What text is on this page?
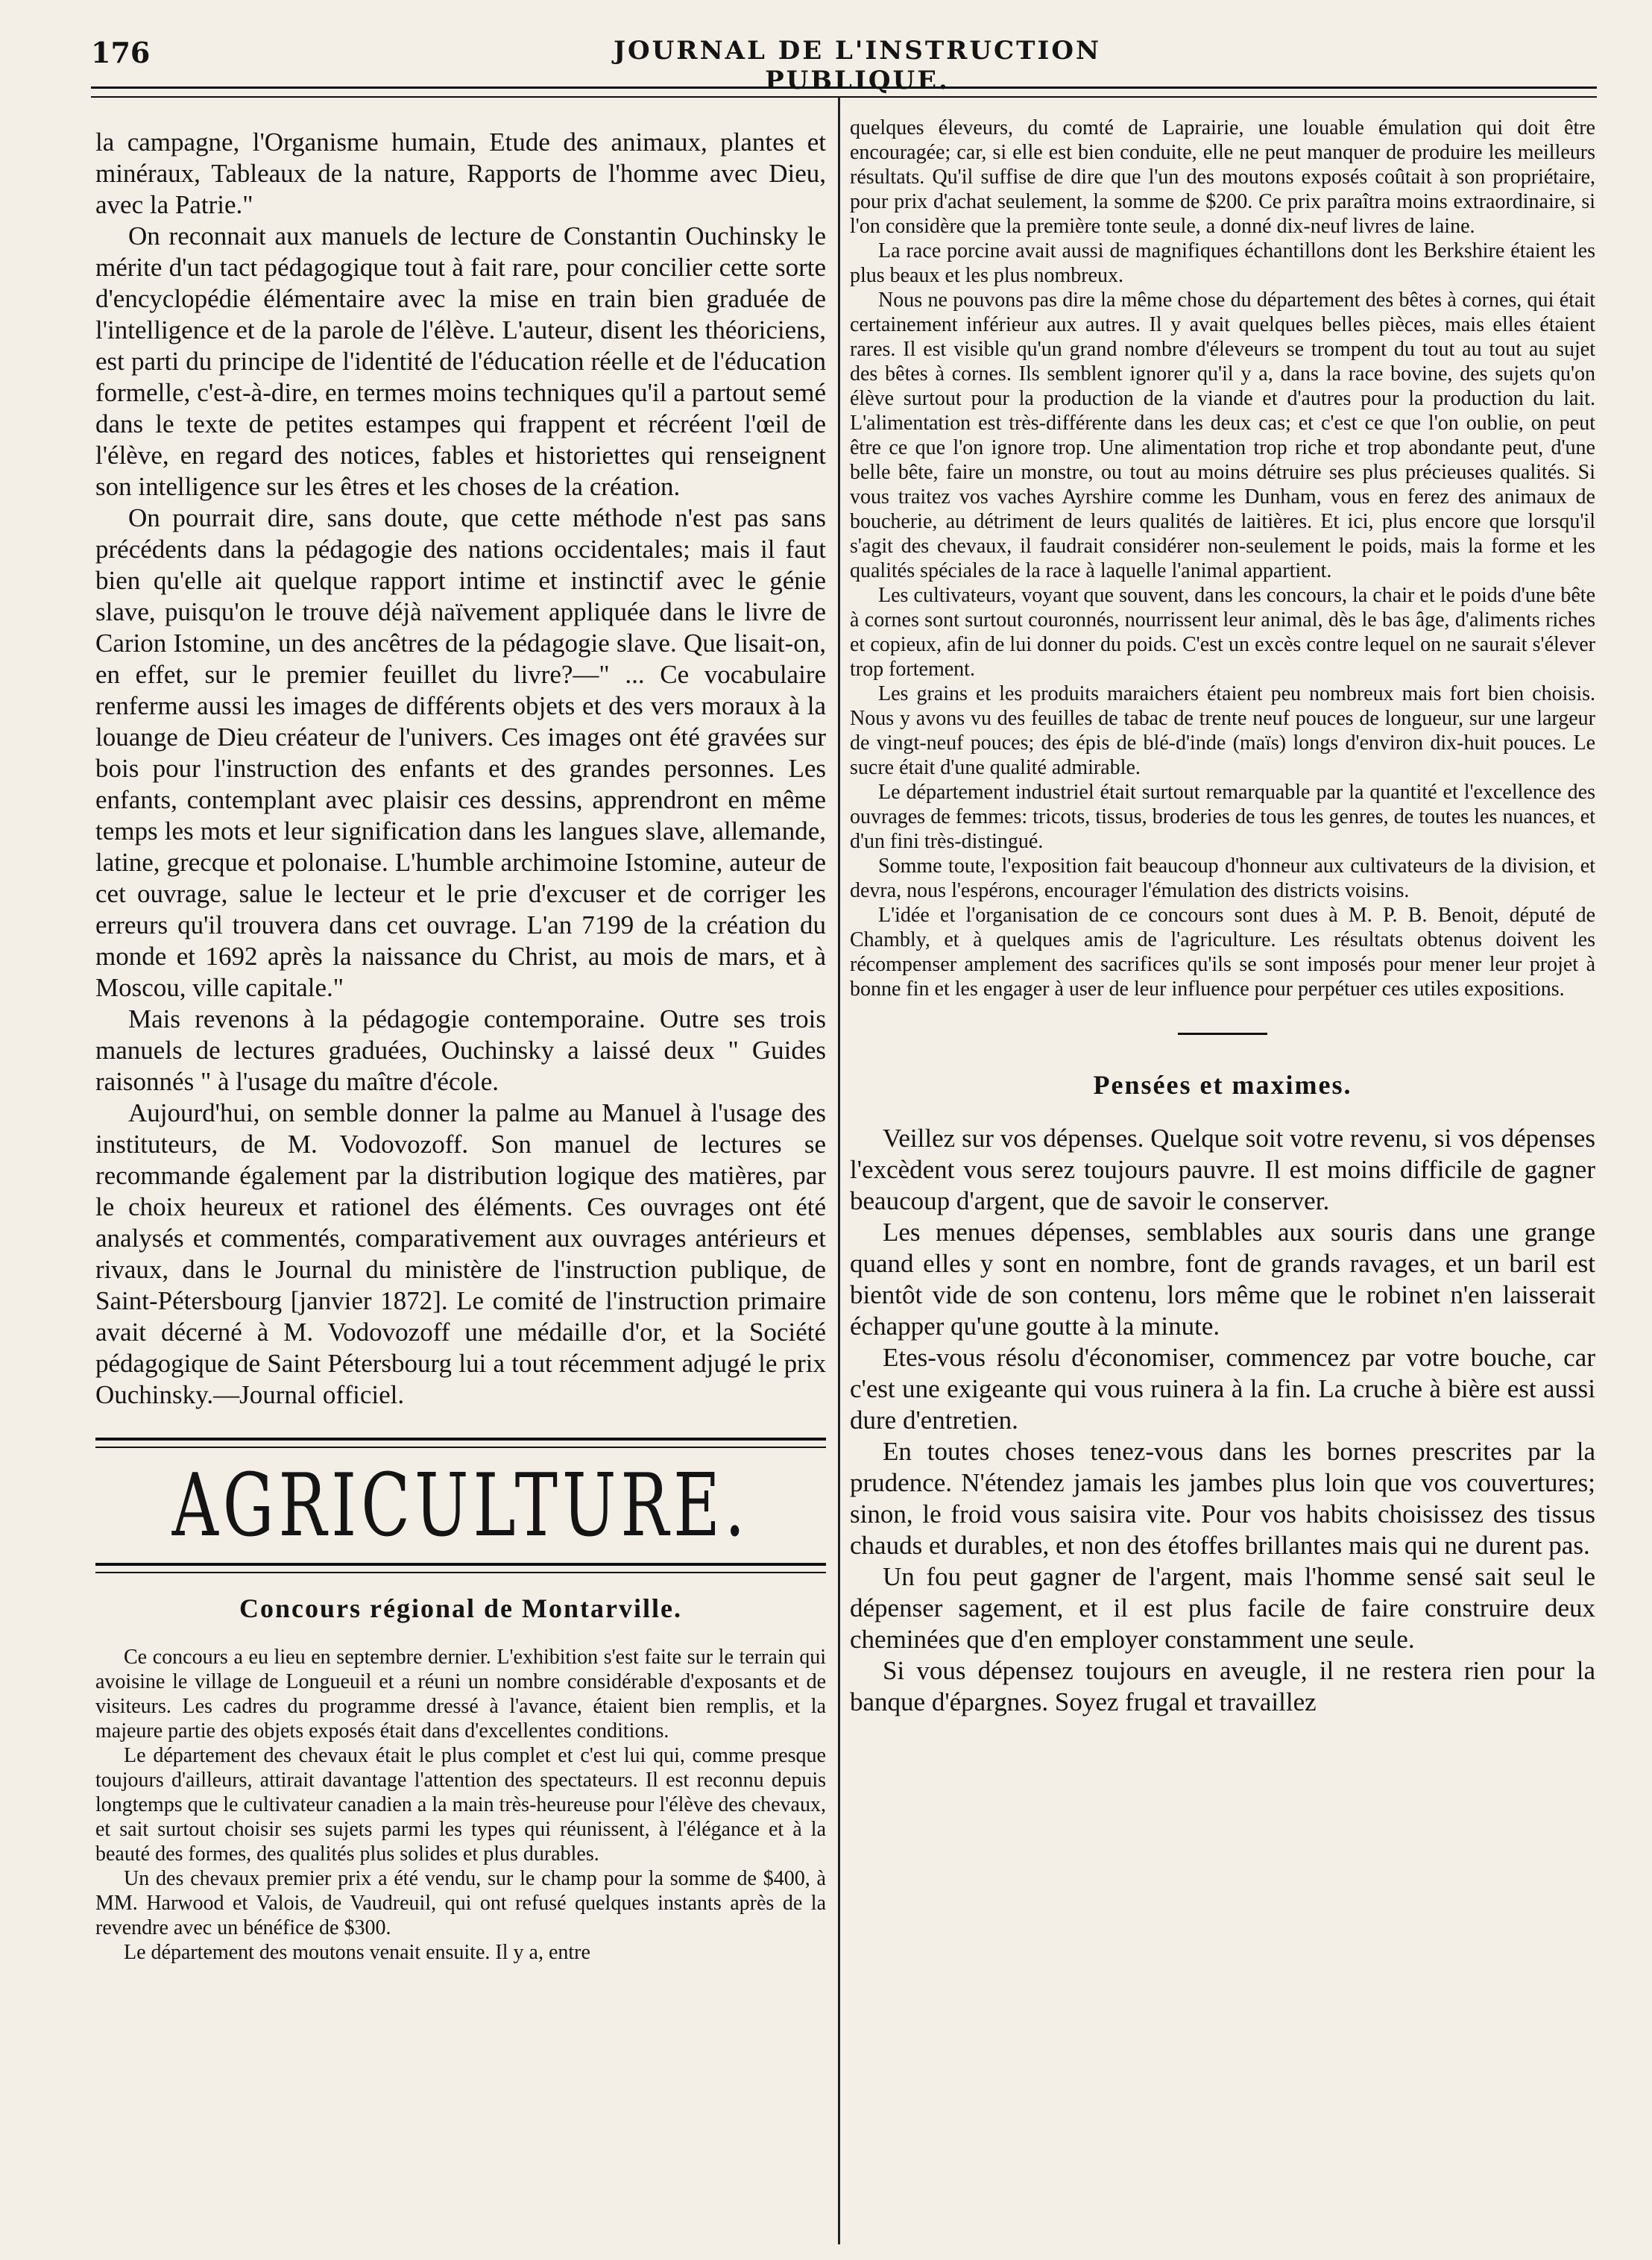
176	JOURNAL DE L'INSTRUCTION PUBLIQUE.

la campagne, l'Organisme humain, Etude des animaux, plantes et minéraux, Tableaux de la nature, Rapports de l'homme avec Dieu, avec la Patrie."

On reconnait aux manuels de lecture de Constantin Ouchinsky le mérite d'un tact pédagogique tout à fait rare, pour concilier cette sorte d'encyclopédie élémentaire avec la mise en train bien graduée de l'intelligence et de la parole de l'élève. L'auteur, disent les théoriciens, est parti du principe de l'identité de l'éducation réelle et de l'éducation formelle, c'est-à-dire, en termes moins techniques qu'il a partout semé dans le texte de petites estampes qui frappent et récréent l'œil de l'élève, en regard des notices, fables et historiettes qui renseignent son intelligence sur les êtres et les choses de la création.

On pourrait dire, sans doute, que cette méthode n'est pas sans précédents dans la pédagogie des nations occidentales; mais il faut bien qu'elle ait quelque rapport intime et instinctif avec le génie slave, puisqu'on le trouve déjà naïvement appliquée dans le livre de Carion Istomine, un des ancêtres de la pédagogie slave. Que lisait-on, en effet, sur le premier feuillet du livre?—" ... Ce vocabulaire renferme aussi les images de différents objets et des vers moraux à la louange de Dieu créateur de l'univers. Ces images ont été gravées sur bois pour l'instruction des enfants et des grandes personnes. Les enfants, contemplant avec plaisir ces dessins, apprendront en même temps les mots et leur signification dans les langues slave, allemande, latine, grecque et polonaise. L'humble archimoine Istomine, auteur de cet ouvrage, salue le lecteur et le prie d'excuser et de corriger les erreurs qu'il trouvera dans cet ouvrage. L'an 7199 de la création du monde et 1692 après la naissance du Christ, au mois de mars, et à Moscou, ville capitale."

Mais revenons à la pédagogie contemporaine. Outre ses trois manuels de lectures graduées, Ouchinsky a laissé deux " Guides raisonnés " à l'usage du maître d'école.

Aujourd'hui, on semble donner la palme au Manuel à l'usage des instituteurs, de M. Vodovozoff. Son manuel de lectures se recommande également par la distribution logique des matières, par le choix heureux et rationel des éléments. Ces ouvrages ont été analysés et commentés, comparativement aux ouvrages antérieurs et rivaux, dans le Journal du ministère de l'instruction publique, de Saint-Pétersbourg [janvier 1872]. Le comité de l'instruction primaire avait décerné à M. Vodovozoff une médaille d'or, et la Société pédagogique de Saint Pétersbourg lui a tout récemment adjugé le prix Ouchinsky.—Journal officiel.

AGRICULTURE.
Concours régional de Montarville.

Ce concours a eu lieu en septembre dernier. L'exhibition s'est faite sur le terrain qui avoisine le village de Longueuil et a réuni un nombre considérable d'exposants et de visiteurs. Les cadres du programme dressé à l'avance, étaient bien remplis, et la majeure partie des objets exposés était dans d'excellentes conditions.

Le département des chevaux était le plus complet et c'est lui qui, comme presque toujours d'ailleurs, attirait davantage l'attention des spectateurs. Il est reconnu depuis longtemps que le cultivateur canadien a la main très-heureuse pour l'élève des chevaux, et sait surtout choisir ses sujets parmi les types qui réunissent, à l'élégance et à la beauté des formes, des qualités plus solides et plus durables.

Un des chevaux premier prix a été vendu, sur le champ pour la somme de $400, à MM. Harwood et Valois, de Vaudreuil, qui ont refusé quelques instants après de la revendre avec un bénéfice de $300.

Le département des moutons venait ensuite. Il y a, entre

quelques éleveurs, du comté de Laprairie, une louable émulation qui doit être encouragée; car, si elle est bien conduite, elle ne peut manquer de produire les meilleurs résultats. Qu'il suffise de dire que l'un des moutons exposés coûtait à son propriétaire, pour prix d'achat seulement, la somme de $200. Ce prix paraîtra moins extraordinaire, si l'on considère que la première tonte seule, a donné dix-neuf livres de laine.

La race porcine avait aussi de magnifiques échantillons dont les Berkshire étaient les plus beaux et les plus nombreux.

Nous ne pouvons pas dire la même chose du département des bêtes à cornes, qui était certainement inférieur aux autres. Il y avait quelques belles pièces, mais elles étaient rares. Il est visible qu'un grand nombre d'éleveurs se trompent du tout au tout au sujet des bêtes à cornes. Ils semblent ignorer qu'il y a, dans la race bovine, des sujets qu'on élève surtout pour la production de la viande et d'autres pour la production du lait. L'alimentation est très-différente dans les deux cas; et c'est ce que l'on oublie, on peut être ce que l'on ignore trop. Une alimentation trop riche et trop abondante peut, d'une belle bête, faire un monstre, ou tout au moins détruire ses plus précieuses qualités. Si vous traitez vos vaches Ayrshire comme les Dunham, vous en ferez des animaux de boucherie, au détriment de leurs qualités de laitières. Et ici, plus encore que lorsqu'il s'agit des chevaux, il faudrait considérer non-seulement le poids, mais la forme et les qualités spéciales de la race à laquelle l'animal appartient.

Les cultivateurs, voyant que souvent, dans les concours, la chair et le poids d'une bête à cornes sont surtout couronnés, nourrissent leur animal, dès le bas âge, d'aliments riches et copieux, afin de lui donner du poids. C'est un excès contre lequel on ne saurait s'élever trop fortement.

Les grains et les produits maraichers étaient peu nombreux mais fort bien choisis. Nous y avons vu des feuilles de tabac de trente neuf pouces de longueur, sur une largeur de vingt-neuf pouces; des épis de blé-d'inde (maïs) longs d'environ dix-huit pouces. Le sucre était d'une qualité admirable.

Le département industriel était surtout remarquable par la quantité et l'excellence des ouvrages de femmes: tricots, tissus, broderies de tous les genres, de toutes les nuances, et d'un fini très-distingué.

Somme toute, l'exposition fait beaucoup d'honneur aux cultivateurs de la division, et devra, nous l'espérons, encourager l'émulation des districts voisins.

L'idée et l'organisation de ce concours sont dues à M. P. B. Benoit, député de Chambly, et à quelques amis de l'agriculture. Les résultats obtenus doivent les récompenser amplement des sacrifices qu'ils se sont imposés pour mener leur projet à bonne fin et les engager à user de leur influence pour perpétuer ces utiles expositions.

Pensées et maximes.

Veillez sur vos dépenses. Quelque soit votre revenu, si vos dépenses l'excèdent vous serez toujours pauvre. Il est moins difficile de gagner beaucoup d'argent, que de savoir le conserver.

Les menues dépenses, semblables aux souris dans une grange quand elles y sont en nombre, font de grands ravages, et un baril est bientôt vide de son contenu, lors même que le robinet n'en laisserait échapper qu'une goutte à la minute.

Etes-vous résolu d'économiser, commencez par votre bouche, car c'est une exigeante qui vous ruinera à la fin. La cruche à bière est aussi dure d'entretien.

En toutes choses tenez-vous dans les bornes prescrites par la prudence. N'étendez jamais les jambes plus loin que vos couvertures; sinon, le froid vous saisira vite. Pour vos habits choisissez des tissus chauds et durables, et non des étoffes brillantes mais qui ne durent pas.

Un fou peut gagner de l'argent, mais l'homme sensé sait seul le dépenser sagement, et il est plus facile de faire construire deux cheminées que d'en employer constamment une seule.

Si vous dépensez toujours en aveugle, il ne restera rien pour la banque d'épargnes. Soyez frugal et travaillez
